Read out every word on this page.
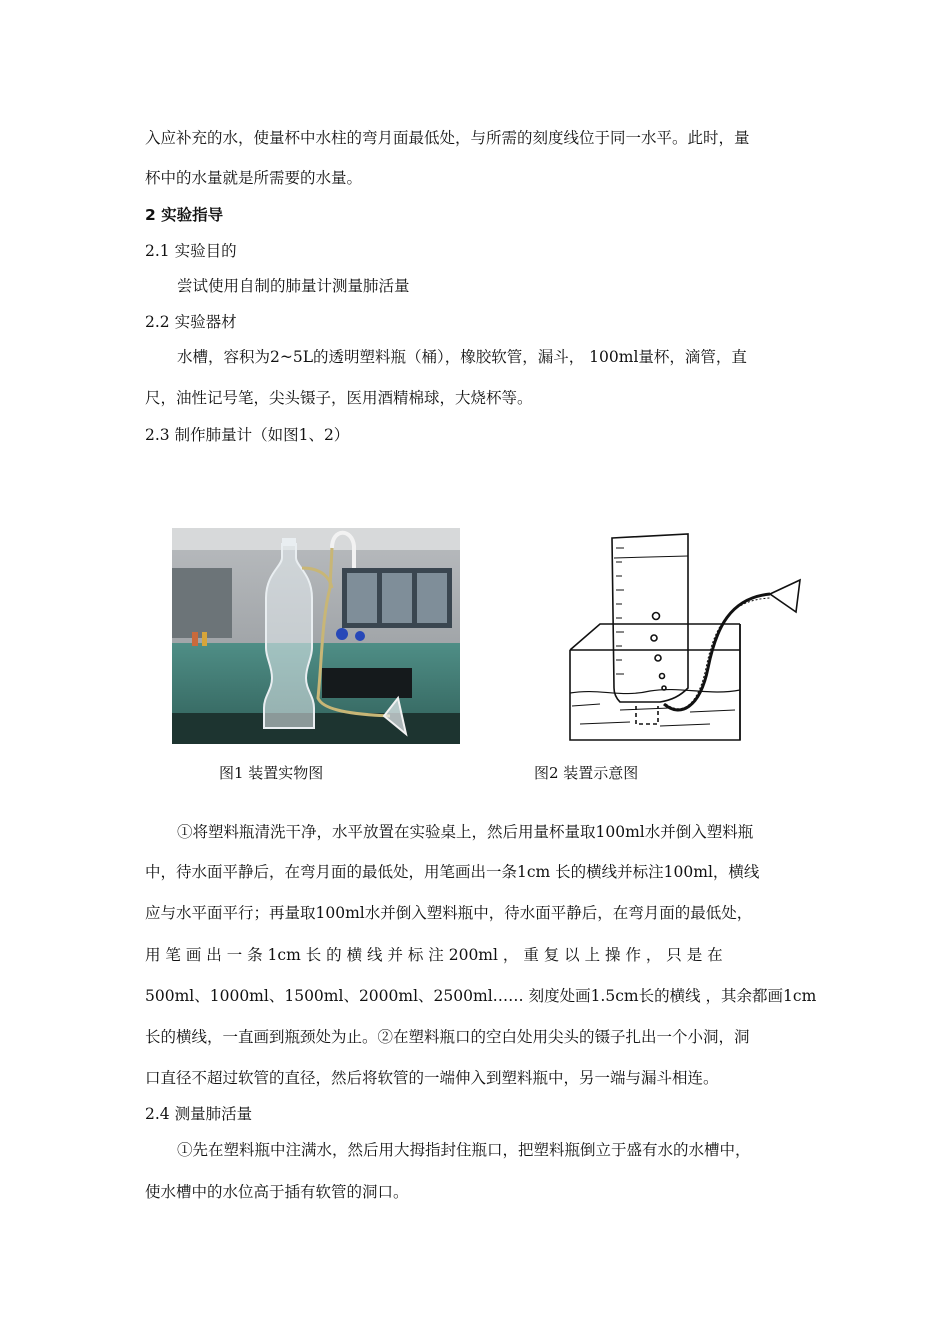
入应补充的水，使量杯中水柱的弯月面最低处，与所需的刻度线位于同一水平。此时，量
杯中的水量就是所需要的水量。
2 实验指导
2.1 实验目的
尝试使用自制的肺量计测量肺活量
2.2 实验器材
水槽，容积为2~5L的透明塑料瓶（桶），橡胶软管，漏斗， 100ml量杯，滴管，直
尺，油性记号笔，尖头镊子，医用酒精棉球，大烧杯等。
2.3 制作肺量计（如图1、2）
图1 装置实物图	图2 装置示意图
①将塑料瓶清洗干净，水平放置在实验桌上，然后用量杯量取100ml水并倒入塑料瓶
中，待水面平静后，在弯月面的最低处，用笔画出一条1cm 长的横线并标注100ml，横线
应与水平面平行；再量取100ml水并倒入塑料瓶中，待水面平静后，在弯月面的最低处，
用 笔 画 出 一 条 1cm 长 的 横 线 并 标 注 200ml ， 重 复 以 上 操 作 ， 只 是 在
500ml、1000ml、1500ml、2000ml、2500ml…… 刻度处画1.5cm长的横线 ，其余都画1cm
长的横线，一直画到瓶颈处为止。②在塑料瓶口的空白处用尖头的镊子扎出一个小洞，洞
口直径不超过软管的直径，然后将软管的一端伸入到塑料瓶中，另一端与漏斗相连。
2.4 测量肺活量
①先在塑料瓶中注满水，然后用大拇指封住瓶口，把塑料瓶倒立于盛有水的水槽中，
使水槽中的水位高于插有软管的洞口。
